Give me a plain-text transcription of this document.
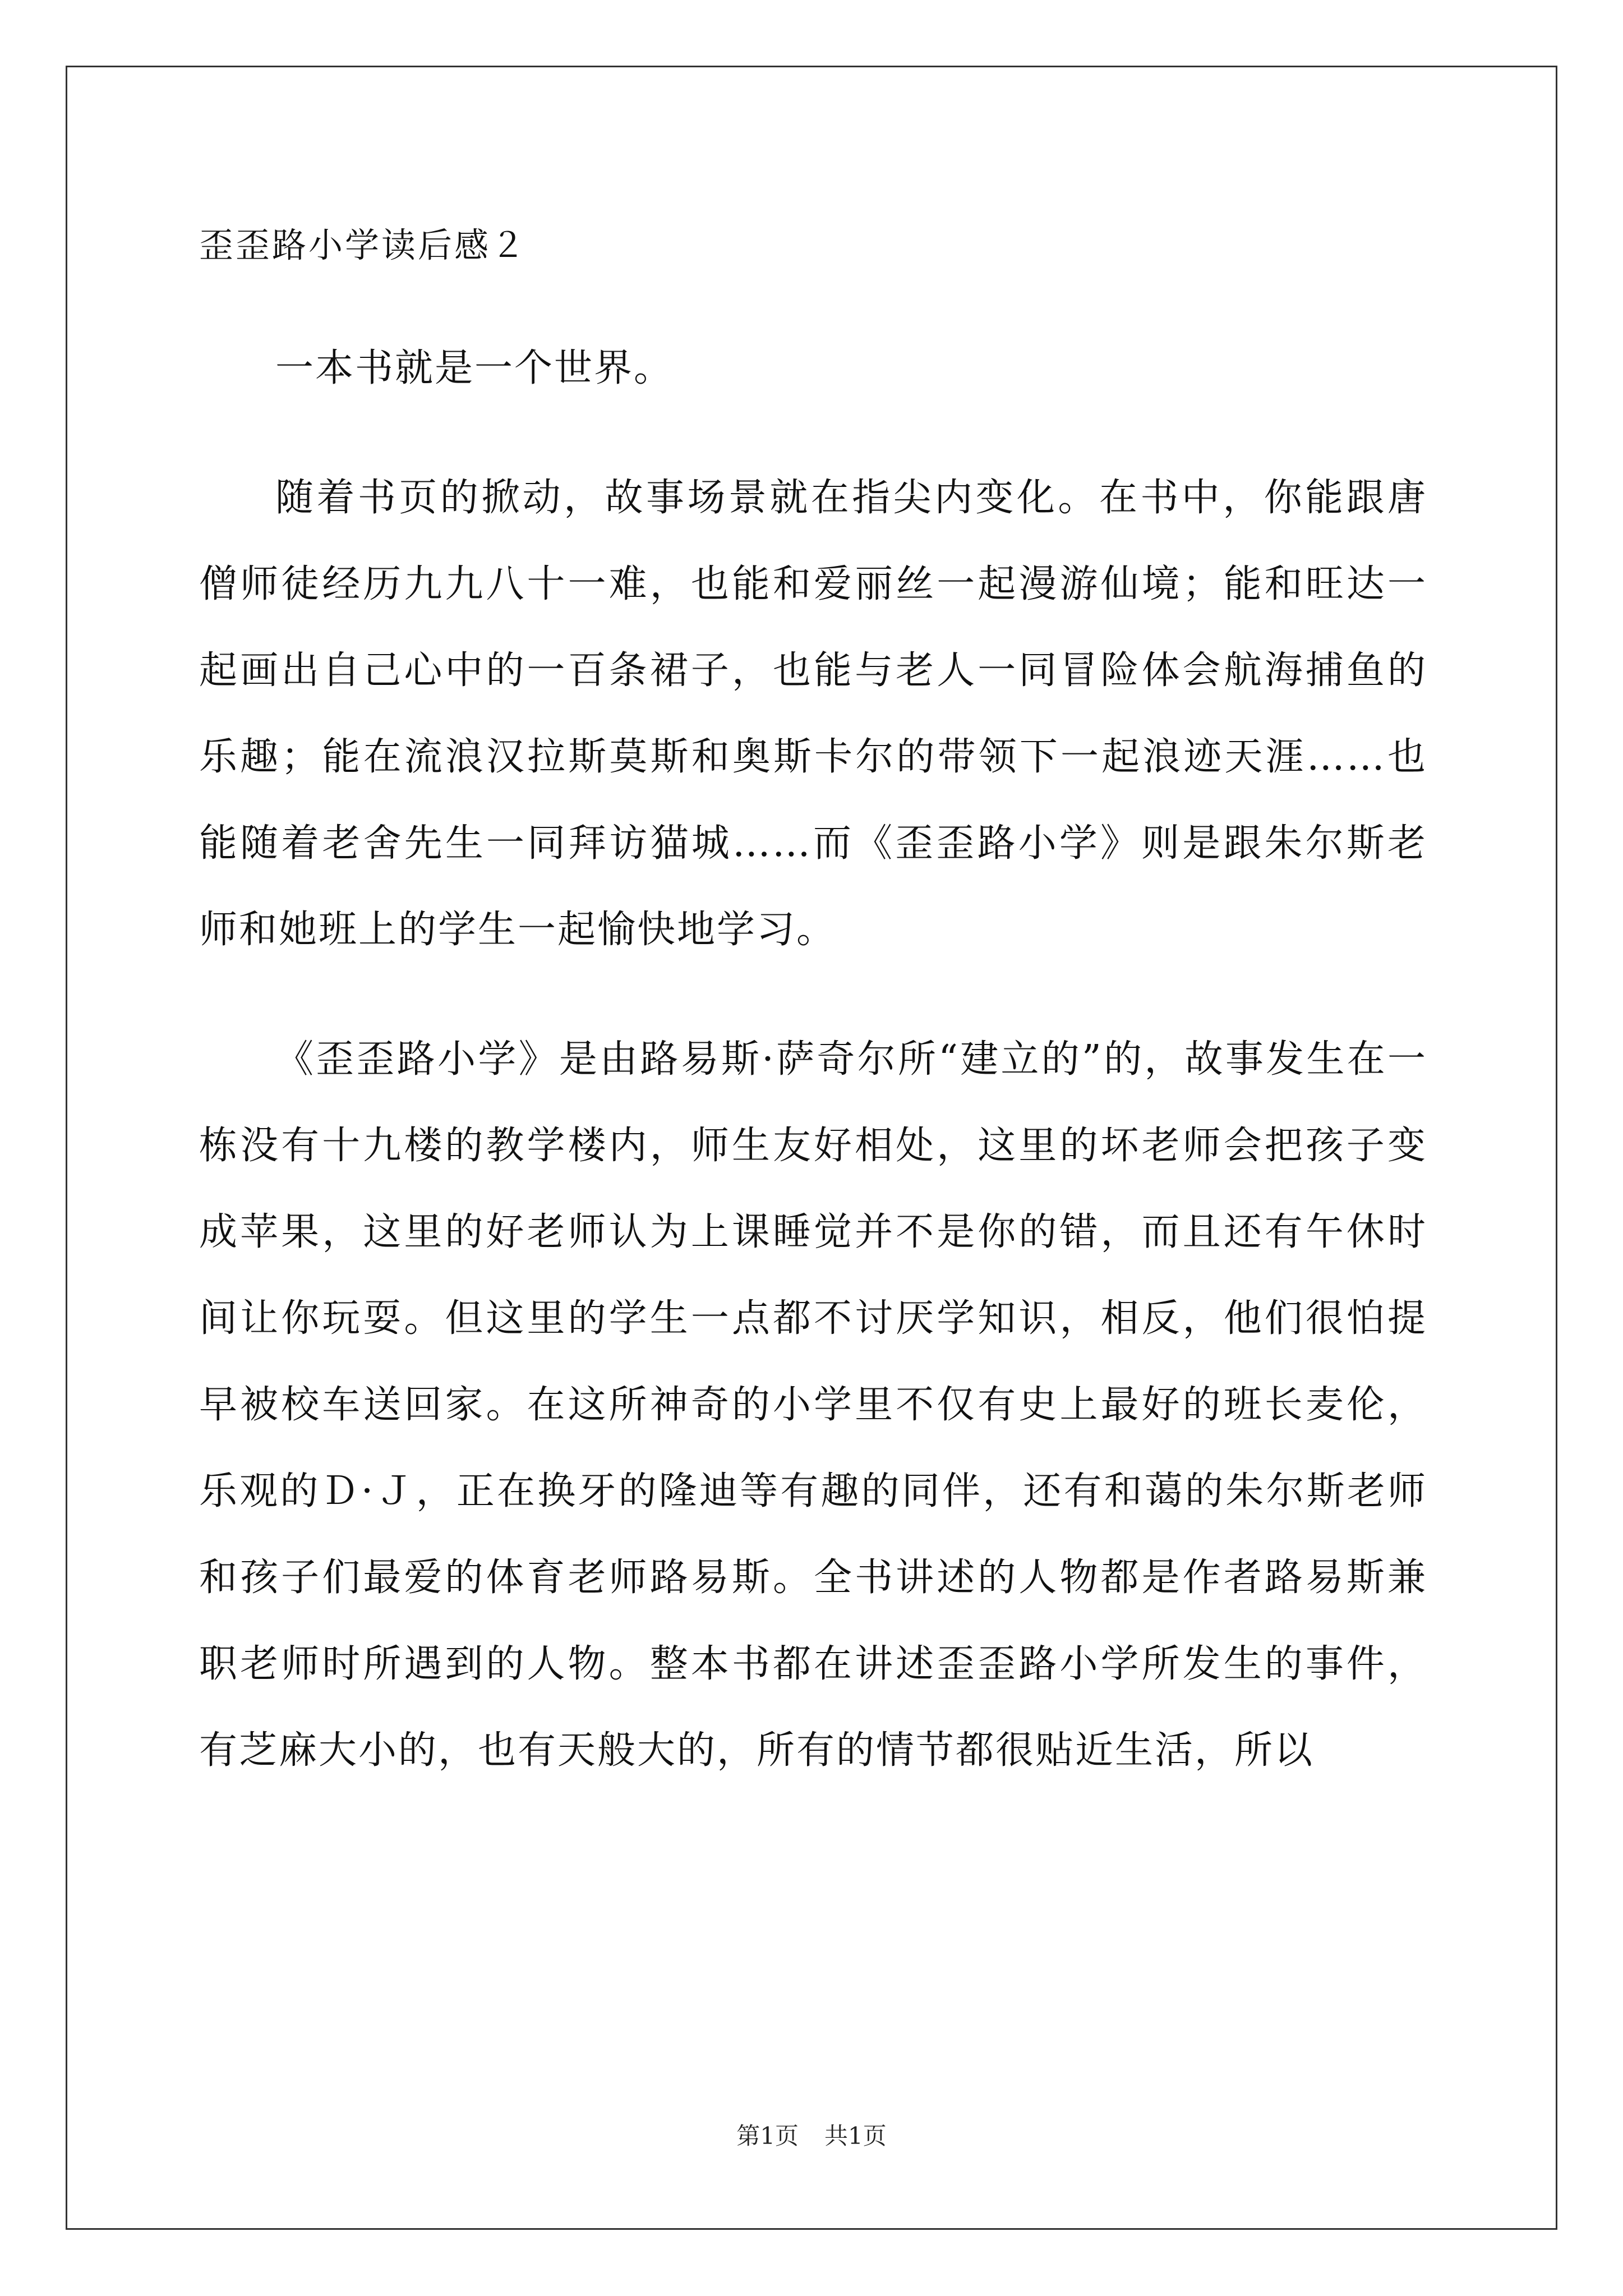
歪歪路小学读后感２

一本书就是一个世界。

随着书页的掀动，故事场景就在指尖内变化。在书中，你能跟唐僧师徒经历九九八十一难，也能和爱丽丝一起漫游仙境；能和旺达一起画出自己心中的一百条裙子，也能与老人一同冒险体会航海捕鱼的乐趣；能在流浪汉拉斯莫斯和奥斯卡尔的带领下一起浪迹天涯……也能随着老舍先生一同拜访猫城……而《歪歪路小学》则是跟朱尔斯老师和她班上的学生一起愉快地学习。

《歪歪路小学》是由路易斯·萨奇尔所“建立的”的，故事发生在一栋没有十九楼的教学楼内，师生友好相处，这里的坏老师会把孩子变成苹果，这里的好老师认为上课睡觉并不是你的错，而且还有午休时间让你玩耍。但这里的学生一点都不讨厌学知识，相反，他们很怕提早被校车送回家。在这所神奇的小学里不仅有史上最好的班长麦伦，乐观的Ｄ·Ｊ，正在换牙的隆迪等有趣的同伴，还有和蔼的朱尔斯老师和孩子们最爱的体育老师路易斯。全书讲述的人物都是作者路易斯兼职老师时所遇到的人物。整本书都在讲述歪歪路小学所发生的事件，有芝麻大小的，也有天般大的，所有的情节都很贴近生活，所以

第1页 共1页
